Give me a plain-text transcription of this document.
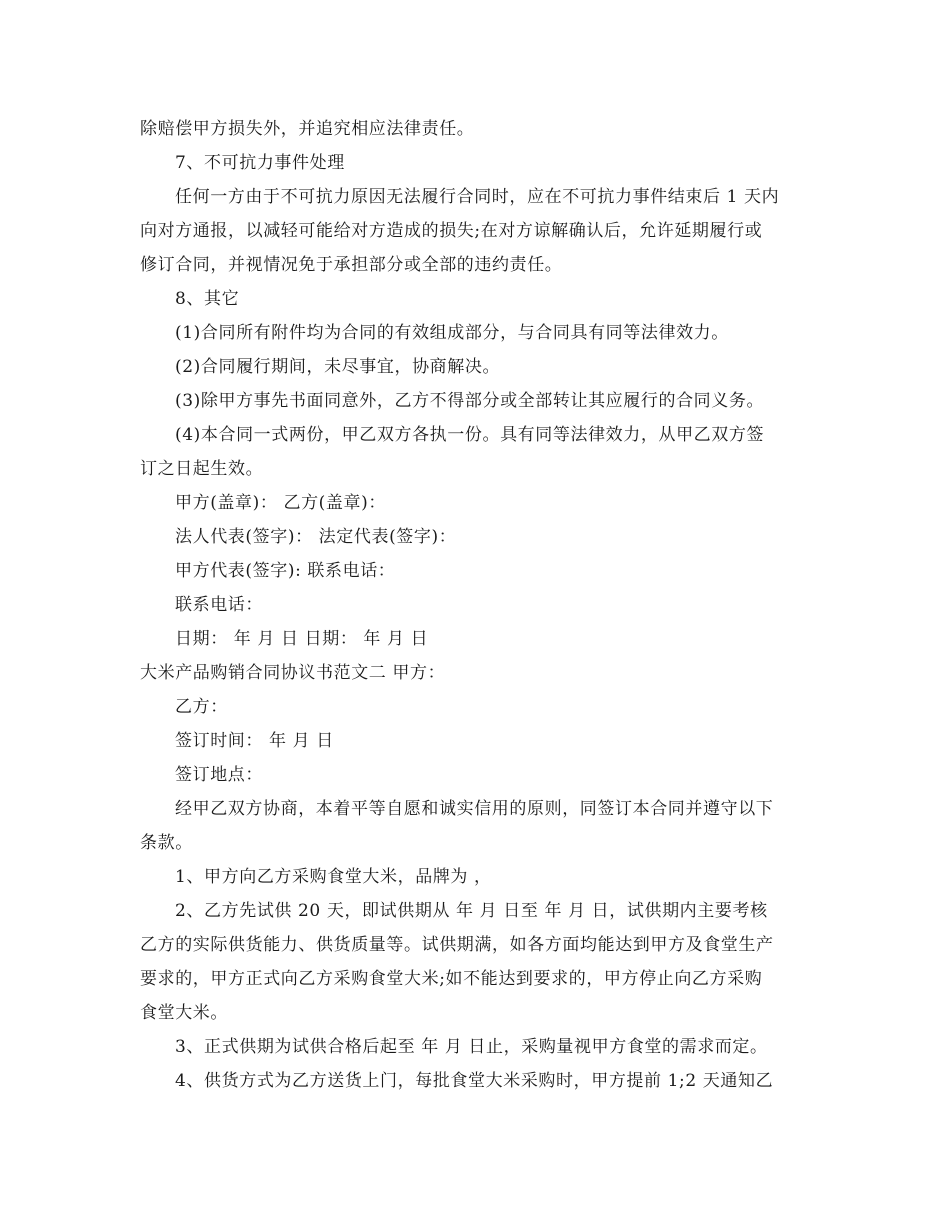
除赔偿甲方损失外，并追究相应法律责任。
7、不可抗力事件处理
任何一方由于不可抗力原因无法履行合同时，应在不可抗力事件结束后 1 天内
向对方通报，以减轻可能给对方造成的损失;在对方谅解确认后，允许延期履行或
修订合同，并视情况免于承担部分或全部的违约责任。
8、其它
(1)合同所有附件均为合同的有效组成部分，与合同具有同等法律效力。
(2)合同履行期间，未尽事宜，协商解决。
(3)除甲方事先书面同意外，乙方不得部分或全部转让其应履行的合同义务。
(4)本合同一式两份，甲乙双方各执一份。具有同等法律效力，从甲乙双方签
订之日起生效。
甲方(盖章)： 乙方(盖章)：
法人代表(签字)： 法定代表(签字)：
甲方代表(签字): 联系电话：
联系电话：
日期： 年 月 日 日期： 年 月 日
大米产品购销合同协议书范文二 甲方：
乙方：
签订时间： 年 月 日
签订地点：
经甲乙双方协商，本着平等自愿和诚实信用的原则，同签订本合同并遵守以下
条款。
1、甲方向乙方采购食堂大米，品牌为 ，
2、乙方先试供 20 天，即试供期从 年 月 日至 年 月 日，试供期内主要考核
乙方的实际供货能力、供货质量等。试供期满，如各方面均能达到甲方及食堂生产
要求的，甲方正式向乙方采购食堂大米;如不能达到要求的，甲方停止向乙方采购
食堂大米。
3、正式供期为试供合格后起至 年 月 日止，采购量视甲方食堂的需求而定。
4、供货方式为乙方送货上门，每批食堂大米采购时，甲方提前 1;2 天通知乙
